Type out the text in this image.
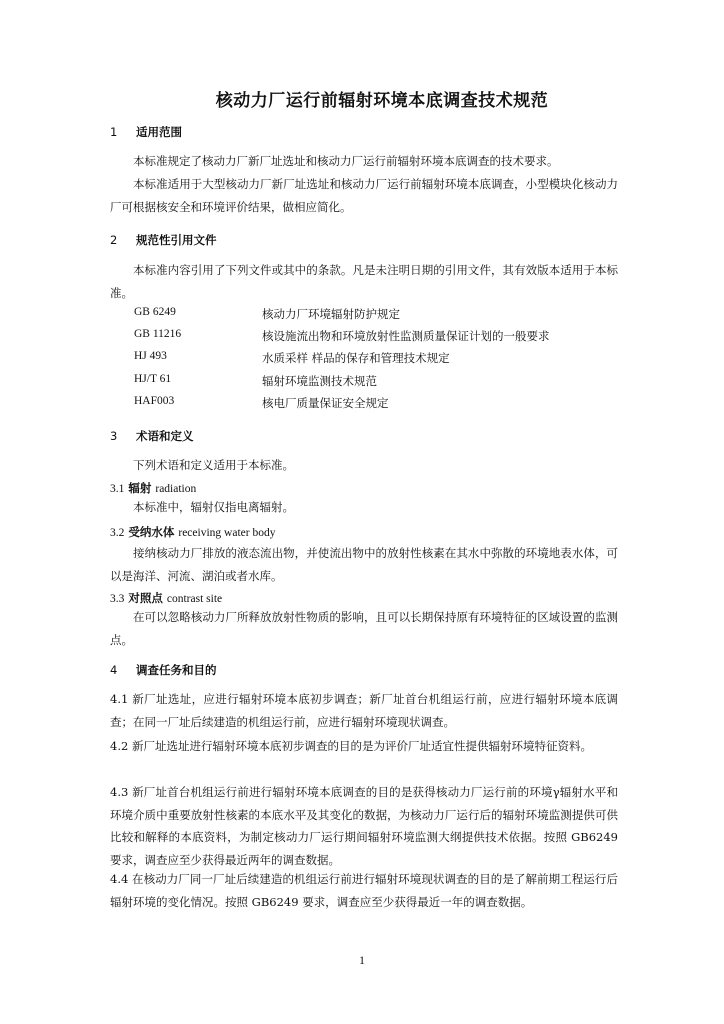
核动力厂运行前辐射环境本底调查技术规范
1 适用范围
本标准规定了核动力厂新厂址选址和核动力厂运行前辐射环境本底调查的技术要求。
本标准适用于大型核动力厂新厂址选址和核动力厂运行前辐射环境本底调查，小型模块化核动力厂可根据核安全和环境评价结果，做相应简化。
2 规范性引用文件
本标准内容引用了下列文件或其中的条款。凡是未注明日期的引用文件，其有效版本适用于本标准。
GB 6249	核动力厂环境辐射防护规定
GB 11216	核设施流出物和环境放射性监测质量保证计划的一般要求
HJ 493	水质采样 样品的保存和管理技术规定
HJ/T 61	辐射环境监测技术规范
HAF003	核电厂质量保证安全规定
3 术语和定义
下列术语和定义适用于本标准。
3.1 辐射 radiation
本标准中，辐射仅指电离辐射。
3.2 受纳水体 receiving water body
接纳核动力厂排放的液态流出物，并使流出物中的放射性核素在其水中弥散的环境地表水体，可以是海洋、河流、湖泊或者水库。
3.3 对照点 contrast site
在可以忽略核动力厂所释放放射性物质的影响，且可以长期保持原有环境特征的区域设置的监测点。
4 调查任务和目的
4.1 新厂址选址，应进行辐射环境本底初步调查；新厂址首台机组运行前，应进行辐射环境本底调查；在同一厂址后续建造的机组运行前，应进行辐射环境现状调查。
4.2 新厂址选址进行辐射环境本底初步调查的目的是为评价厂址适宜性提供辐射环境特征资料。
4.3 新厂址首台机组运行前进行辐射环境本底调查的目的是获得核动力厂运行前的环境γ辐射水平和环境介质中重要放射性核素的本底水平及其变化的数据，为核动力厂运行后的辐射环境监测提供可供比较和解释的本底资料，为制定核动力厂运行期间辐射环境监测大纲提供技术依据。按照 GB6249 要求，调查应至少获得最近两年的调查数据。
4.4 在核动力厂同一厂址后续建造的机组运行前进行辐射环境现状调查的目的是了解前期工程运行后辐射环境的变化情况。按照 GB6249 要求，调查应至少获得最近一年的调查数据。
1
